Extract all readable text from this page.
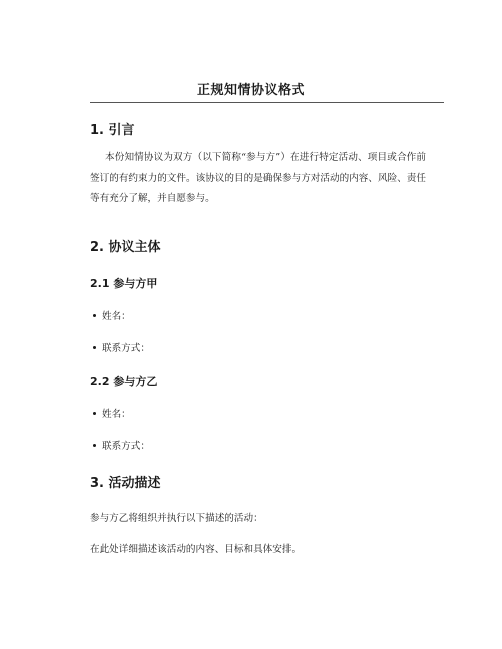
正规知情协议格式
1. 引言

本份知情协议为双方（以下简称“参与方”）在进行特定活动、项目或合作前签订的有约束力的文件。该协议的目的是确保参与方对活动的内容、风险、责任等有充分了解，并自愿参与。

2. 协议主体
2.1 参与方甲
姓名：
联系方式：
2.2 参与方乙
姓名：
联系方式：
3. 活动描述
参与方乙将组织并执行以下描述的活动：
在此处详细描述该活动的内容、目标和具体安排。
